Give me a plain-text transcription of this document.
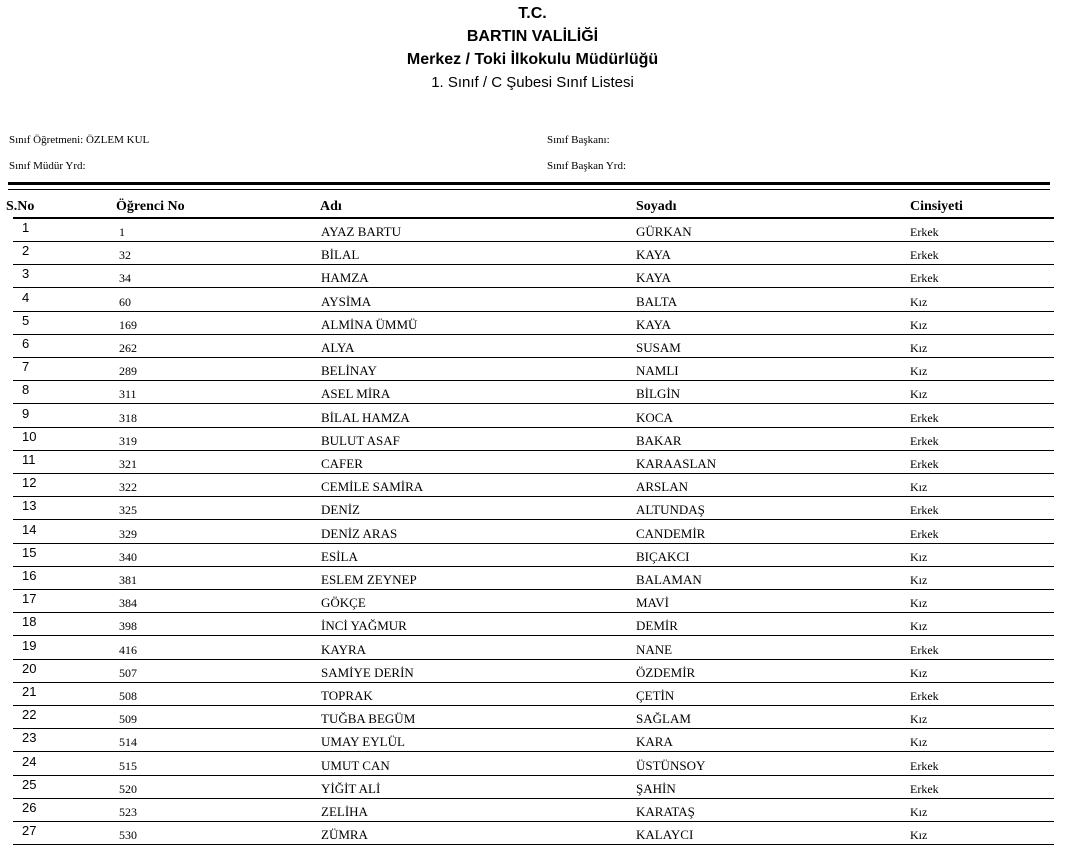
T.C.
BARTIN VALİLİĞİ
Merkez / Toki İlkokulu Müdürlüğü
1. Sınıf / C Şubesi Sınıf Listesi
Sınıf Öğretmeni: ÖZLEM KUL
Sınıf Müdür Yrd:
Sınıf Başkanı:
Sınıf Başkan Yrd:
S.No	Öğrenci No	Adı	Soyadı	Cinsiyeti
1	1	AYAZ BARTU	GÜRKAN	Erkek
2	32	BİLAL	KAYA	Erkek
3	34	HAMZA	KAYA	Erkek
4	60	AYSİMA	BALTA	Kız
5	169	ALMİNA ÜMMÜ	KAYA	Kız
6	262	ALYA	SUSAM	Kız
7	289	BELİNAY	NAMLI	Kız
8	311	ASEL MİRA	BİLGİN	Kız
9	318	BİLAL HAMZA	KOCA	Erkek
10	319	BULUT ASAF	BAKAR	Erkek
11	321	CAFER	KARAASLAN	Erkek
12	322	CEMİLE SAMİRA	ARSLAN	Kız
13	325	DENİZ	ALTUNDAŞ	Erkek
14	329	DENİZ ARAS	CANDEMİR	Erkek
15	340	ESİLA	BIÇAKCI	Kız
16	381	ESLEM ZEYNEP	BALAMAN	Kız
17	384	GÖKÇE	MAVİ	Kız
18	398	İNCİ YAĞMUR	DEMİR	Kız
19	416	KAYRA	NANE	Erkek
20	507	SAMİYE DERİN	ÖZDEMİR	Kız
21	508	TOPRAK	ÇETİN	Erkek
22	509	TUĞBA BEGÜM	SAĞLAM	Kız
23	514	UMAY EYLÜL	KARA	Kız
24	515	UMUT CAN	ÜSTÜNSOY	Erkek
25	520	YİĞİT ALİ	ŞAHİN	Erkek
26	523	ZELİHA	KARATAŞ	Kız
27	530	ZÜMRA	KALAYCI	Kız
